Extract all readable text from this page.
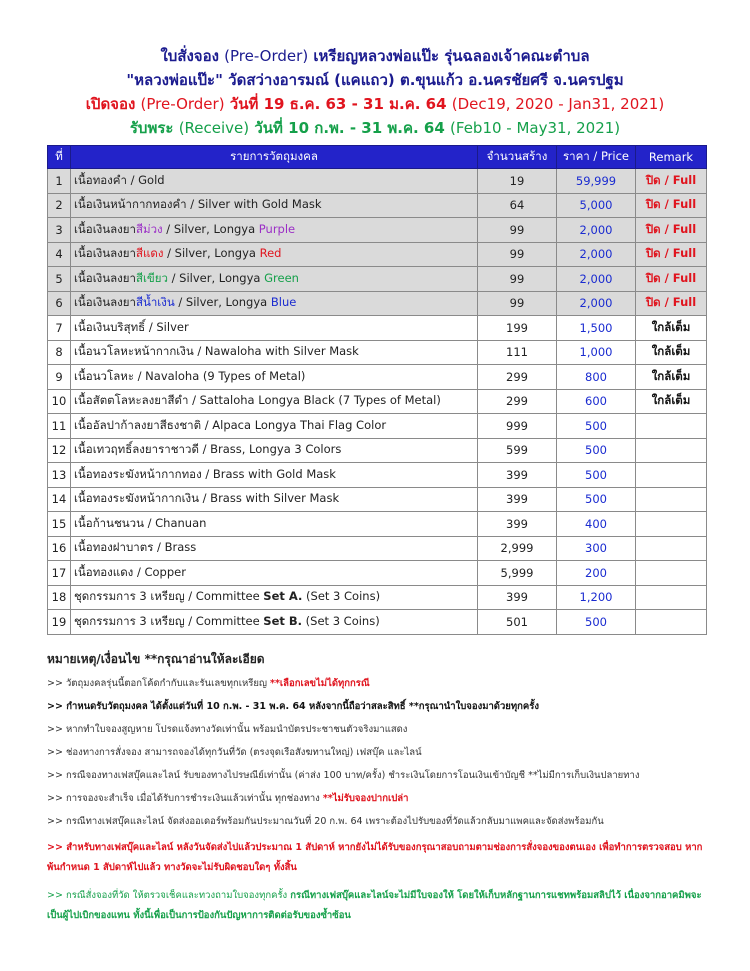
ใบสั่งจอง (Pre-Order) เหรียญหลวงพ่อแป๊ะ รุ่นฉลองเจ้าคณะตำบล
"หลวงพ่อแป๊ะ" วัดสว่างอารมณ์ (แคแถว) ต.ขุนแก้ว อ.นครชัยศรี จ.นครปฐม
เปิดจอง (Pre-Order) วันที่ 19 ธ.ค. 63 - 31 ม.ค. 64 (Dec19, 2020 - Jan31, 2021)
รับพระ (Receive) วันที่ 10 ก.พ. - 31 พ.ค. 64 (Feb10 - May31, 2021)
ที่	รายการวัตถุมงคล	จำนวนสร้าง	ราคา / Price	Remark
1	เนื้อทองคำ / Gold	19	59,999	ปิด / Full
2	เนื้อเงินหน้ากากทองคำ / Silver with Gold Mask	64	5,000	ปิด / Full
3	เนื้อเงินลงยาสีม่วง / Silver, Longya Purple	99	2,000	ปิด / Full
4	เนื้อเงินลงยาสีแดง / Silver, Longya Red	99	2,000	ปิด / Full
5	เนื้อเงินลงยาสีเขียว / Silver, Longya Green	99	2,000	ปิด / Full
6	เนื้อเงินลงยาสีน้ำเงิน / Silver, Longya Blue	99	2,000	ปิด / Full
7	เนื้อเงินบริสุทธิ์ / Silver	199	1,500	ใกล้เต็ม
8	เนื้อนวโลหะหน้ากากเงิน / Nawaloha with Silver Mask	111	1,000	ใกล้เต็ม
9	เนื้อนวโลหะ / Navaloha (9 Types of Metal)	299	800	ใกล้เต็ม
10	เนื้อสัตตโลหะลงยาสีดำ / Sattaloha Longya Black (7 Types of Metal)	299	600	ใกล้เต็ม
11	เนื้ออัลปาก้าลงยาสีธงชาติ / Alpaca Longya Thai Flag Color	999	500	
12	เนื้อเทวฤทธิ์ลงยาราชาวดี / Brass, Longya 3 Colors	599	500	
13	เนื้อทองระฆังหน้ากากทอง / Brass with Gold Mask	399	500	
14	เนื้อทองระฆังหน้ากากเงิน / Brass with Silver Mask	399	500	
15	เนื้อก้านชนวน / Chanuan	399	400	
16	เนื้อทองฝาบาตร / Brass	2,999	300	
17	เนื้อทองแดง / Copper	5,999	200	
18	ชุดกรรมการ 3 เหรียญ / Committee Set A. (Set 3 Coins)	399	1,200	
19	ชุดกรรมการ 3 เหรียญ / Committee Set B. (Set 3 Coins)	501	500	
หมายเหตุ/เงื่อนไข **กรุณาอ่านให้ละเอียด
>> วัตถุมงคลรุ่นนี้ตอกโค้ดกำกับและรันเลขทุกเหรียญ **เลือกเลขไม่ได้ทุกกรณี
>> กำหนดรับวัตถุมงคล ได้ตั้งแต่วันที่ 10 ก.พ. - 31 พ.ค. 64 หลังจากนี้ถือว่าสละสิทธิ์ **กรุณานำใบจองมาด้วยทุกครั้ง
>> หากทำใบจองสูญหาย โปรดแจ้งทางวัดเท่านั้น พร้อมนำบัตรประชาชนตัวจริงมาแสดง
>> ช่องทางการสั่งจอง สามารถจองได้ทุกวันที่วัด (ตรงจุดเรือสังฆทานใหญ่) เฟสบุ๊ค และไลน์
>> กรณีจองทางเฟสบุ๊คและไลน์ รับของทางไปรษณีย์เท่านั้น (ค่าส่ง 100 บาท/ครั้ง) ชำระเงินโดยการโอนเงินเข้าบัญชี **ไม่มีการเก็บเงินปลายทาง
>> การจองจะสำเร็จ เมื่อได้รับการชำระเงินแล้วเท่านั้น ทุกช่องทาง **ไม่รับจองปากเปล่า
>> กรณีทางเฟสบุ๊คและไลน์ จัดส่งออเดอร์พร้อมกันประมาณวันที่ 20 ก.พ. 64 เพราะต้องไปรับของที่วัดแล้วกลับมาแพคและจัดส่งพร้อมกัน
>> สำหรับทางเฟสบุ๊คและไลน์ หลังวันจัดส่งไปแล้วประมาณ 1 สัปดาห์ หากยังไม่ได้รับของกรุณาสอบถามตามช่องการสั่งจองของตนเอง เพื่อทำการตรวจสอบ หากพ้นกำหนด 1 สัปดาห์ไปแล้ว ทางวัดจะไม่รับผิดชอบใดๆ ทั้งสิ้น
>> กรณีสั่งจองที่วัด ให้ตรวจเช็คและทวงถามใบจองทุกครั้ง กรณีทางเฟสบุ๊คและไลน์จะไม่มีใบจองให้ โดยให้เก็บหลักฐานการแชทพร้อมสลิปไว้ เนื่องจากอาคมิพจะเป็นผู้ไปเบิกของแทน ทั้งนี้เพื่อเป็นการป้องกันปัญหาการติดต่อรับของซ้ำซ้อน
